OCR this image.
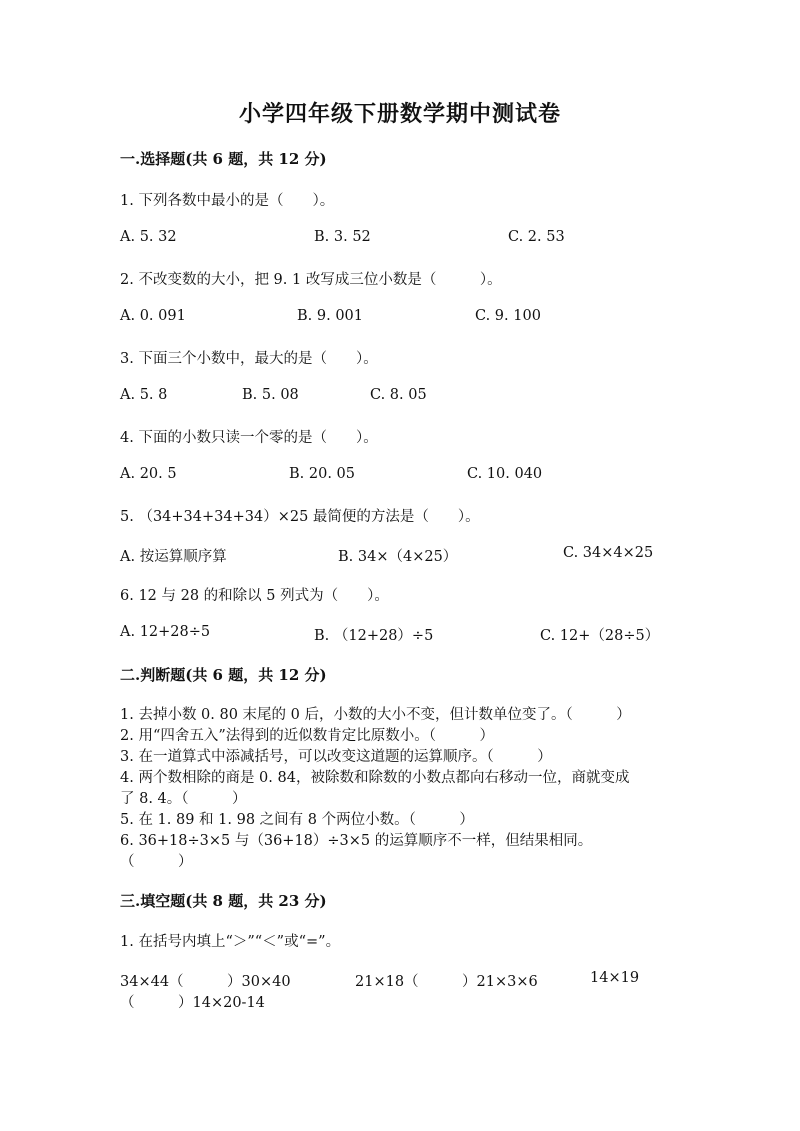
小学四年级下册数学期中测试卷
一.选择题(共 6 题，共 12 分)
1. 下列各数中最小的是（　　）。
A. 5. 32	B. 3. 52	C. 2. 53
2. 不改变数的大小，把 9. 1 改写成三位小数是（　　　）。
A. 0. 091	B. 9. 001	C. 9. 100
3. 下面三个小数中，最大的是（　　）。
A. 5. 8	B. 5. 08	C. 8. 05
4. 下面的小数只读一个零的是（　　）。
A. 20. 5	B. 20. 05	C. 10. 040
5. （34+34+34+34）×25 最简便的方法是（　　）。
A. 按运算顺序算	B. 34×（4×25）	C. 34×4×25
6. 12 与 28 的和除以 5 列式为（　　）。
A. 12+28÷5	B. （12+28）÷5	C. 12+（28÷5）
二.判断题(共 6 题，共 12 分)
1. 去掉小数 0. 80 末尾的 0 后，小数的大小不变，但计数单位变了。（　　　）
2. 用“四舍五入”法得到的近似数肯定比原数小。（　　　）
3. 在一道算式中添减括号，可以改变这道题的运算顺序。（　　　）
4. 两个数相除的商是 0. 84，被除数和除数的小数点都向右移动一位，商就变成
了 8. 4。（　　　）
5. 在 1. 89 和 1. 98 之间有 8 个两位小数。（　　　）
6. 36+18÷3×5 与（36+18）÷3×5 的运算顺序不一样，但结果相同。
（　　　）
三.填空题(共 8 题，共 23 分)
1. 在括号内填上“＞”“＜”或“=”。
34×44（　　　）30×40	21×18（　　　）21×3×6	14×19
（　　　）14×20-14
